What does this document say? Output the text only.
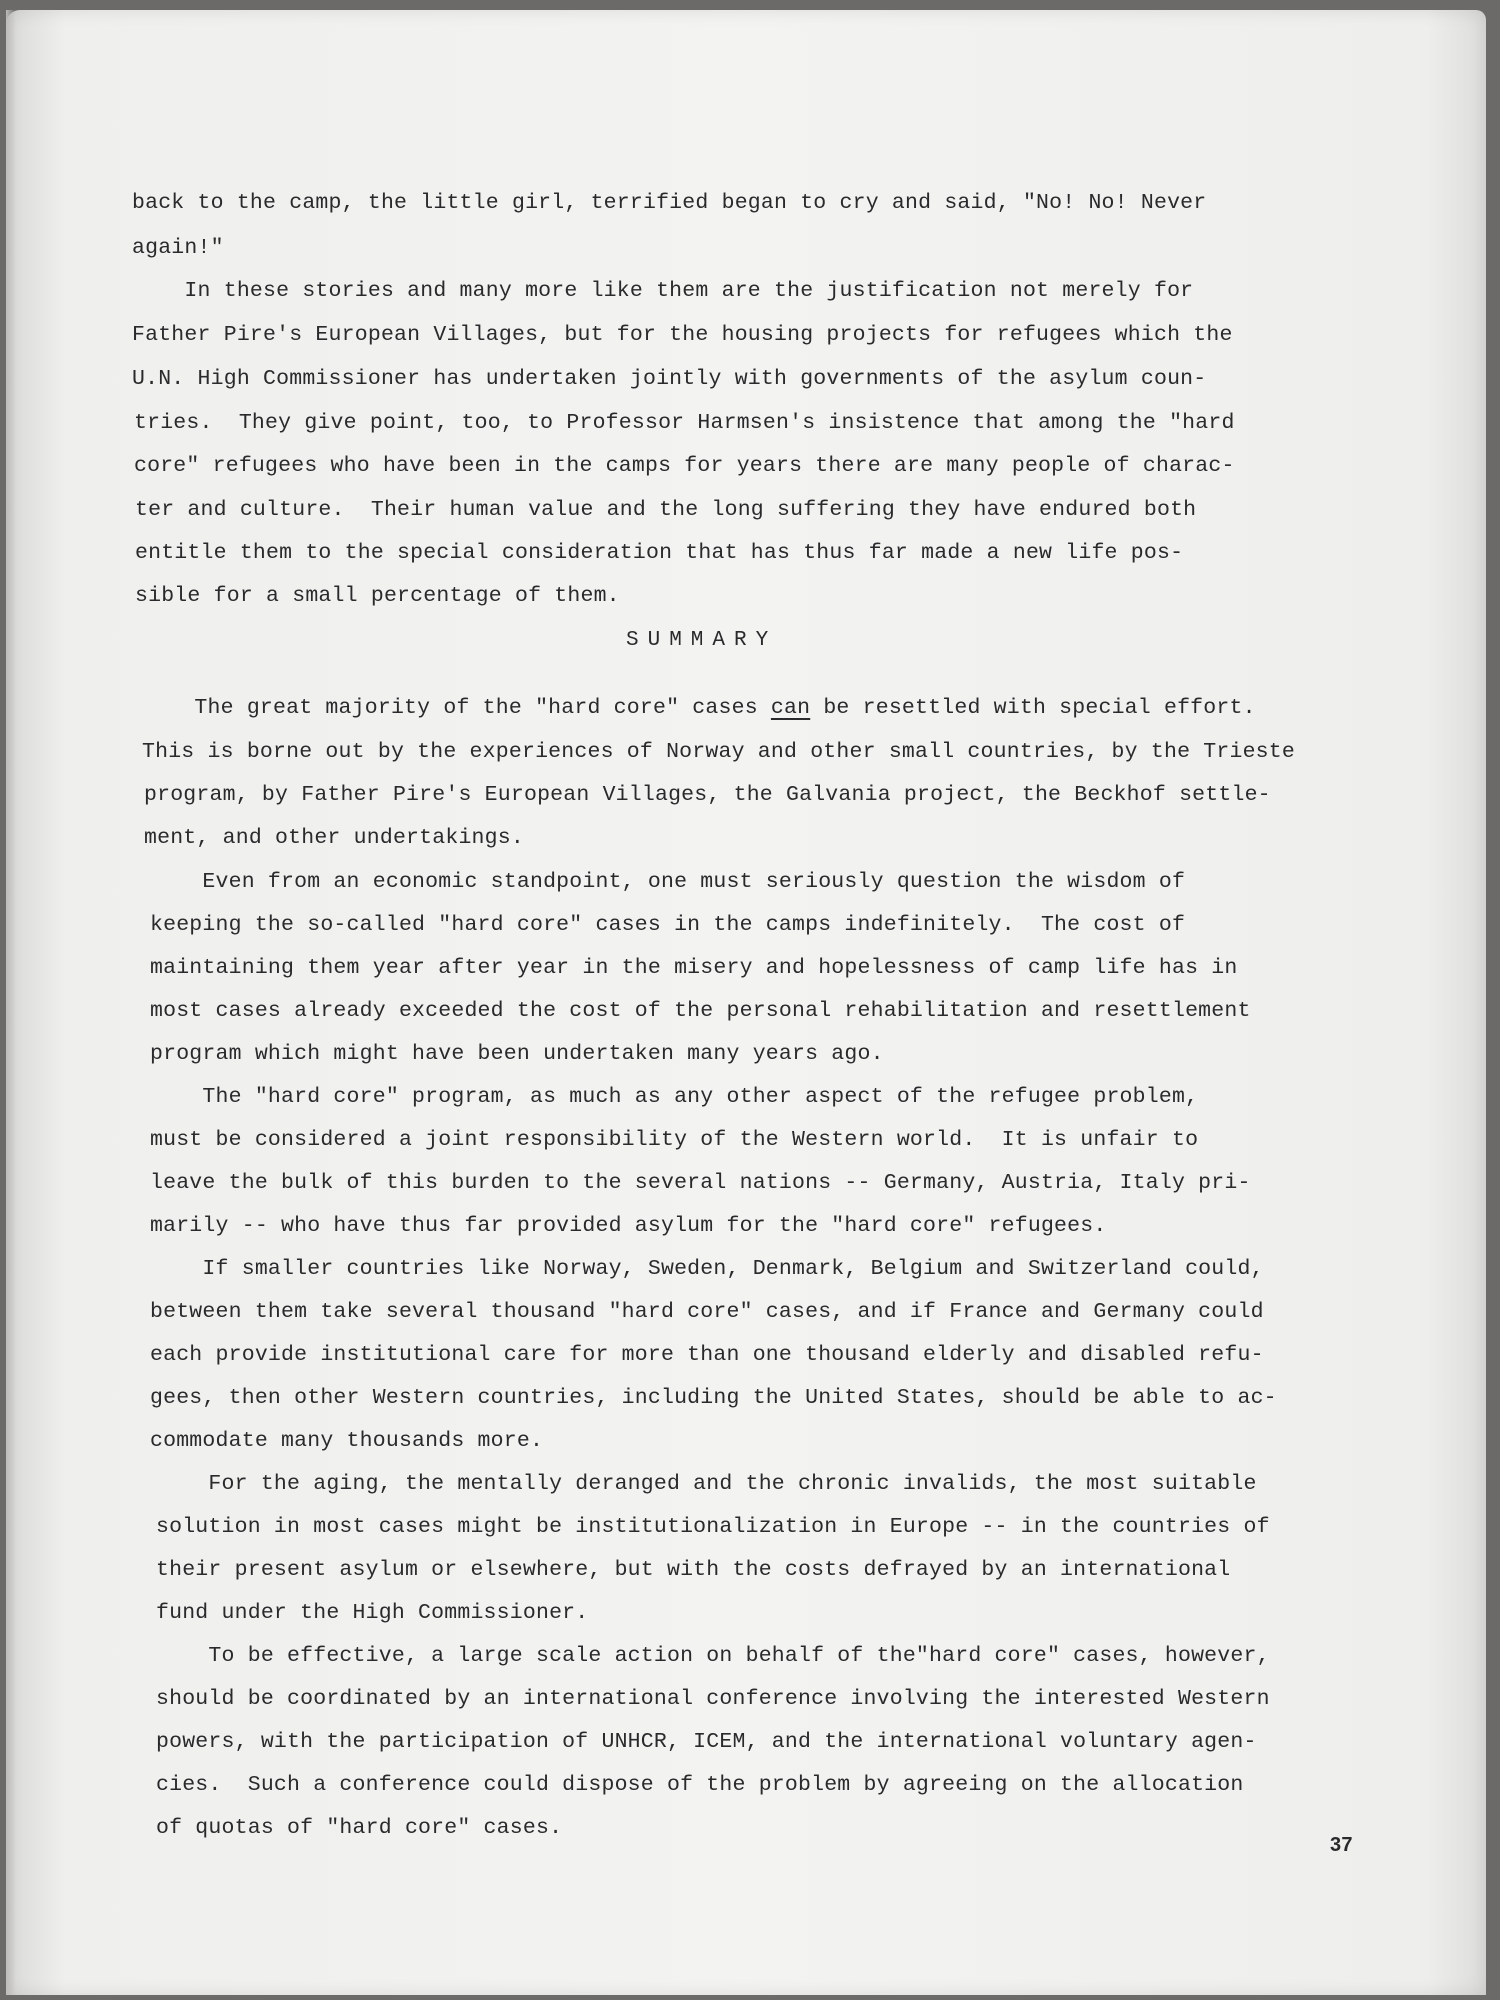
back to the camp, the little girl, terrified began to cry and said, "No! No! Never
again!"
In these stories and many more like them are the justification not merely for
Father Pire's European Villages, but for the housing projects for refugees which the
U.N. High Commissioner has undertaken jointly with governments of the asylum coun-
tries.  They give point, too, to Professor Harmsen's insistence that among the "hard
core" refugees who have been in the camps for years there are many people of charac-
ter and culture.  Their human value and the long suffering they have endured both
entitle them to the special consideration that has thus far made a new life pos-
sible for a small percentage of them.
SUMMARY
The great majority of the "hard core" cases can be resettled with special effort.
This is borne out by the experiences of Norway and other small countries, by the Trieste
program, by Father Pire's European Villages, the Galvania project, the Beckhof settle-
ment, and other undertakings.
Even from an economic standpoint, one must seriously question the wisdom of
keeping the so-called "hard core" cases in the camps indefinitely.  The cost of
maintaining them year after year in the misery and hopelessness of camp life has in
most cases already exceeded the cost of the personal rehabilitation and resettlement
program which might have been undertaken many years ago.
The "hard core" program, as much as any other aspect of the refugee problem,
must be considered a joint responsibility of the Western world.  It is unfair to
leave the bulk of this burden to the several nations -- Germany, Austria, Italy pri-
marily -- who have thus far provided asylum for the "hard core" refugees.
If smaller countries like Norway, Sweden, Denmark, Belgium and Switzerland could,
between them take several thousand "hard core" cases, and if France and Germany could
each provide institutional care for more than one thousand elderly and disabled refu-
gees, then other Western countries, including the United States, should be able to ac-
commodate many thousands more.
For the aging, the mentally deranged and the chronic invalids, the most suitable
solution in most cases might be institutionalization in Europe -- in the countries of
their present asylum or elsewhere, but with the costs defrayed by an international
fund under the High Commissioner.
To be effective, a large scale action on behalf of the"hard core" cases, however,
should be coordinated by an international conference involving the interested Western
powers, with the participation of UNHCR, ICEM, and the international voluntary agen-
cies.  Such a conference could dispose of the problem by agreeing on the allocation
of quotas of "hard core" cases.
37
